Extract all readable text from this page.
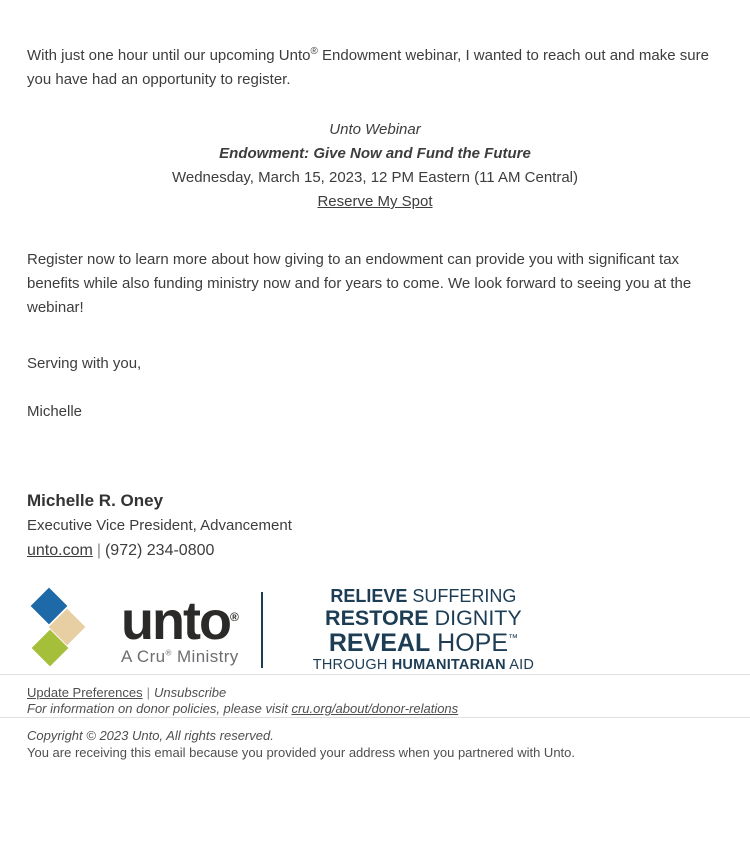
With just one hour until our upcoming Unto® Endowment webinar, I wanted to reach out and make sure you have had an opportunity to register.

Unto Webinar
Endowment: Give Now and Fund the Future
Wednesday, March 15, 2023, 12 PM Eastern (11 AM Central)
Reserve My Spot

Register now to learn more about how giving to an endowment can provide you with significant tax benefits while also funding ministry now and for years to come. We look forward to seeing you at the webinar!

Serving with you,

Michelle

Michelle R. Oney
Executive Vice President, Advancement
unto.com | (972) 234-0800
unto®
A Cru® Ministry
RELIEVE SUFFERING
RESTORE DIGNITY
REVEAL HOPE™
THROUGH HUMANITARIAN AID
Update Preferences | Unsubscribe
For information on donor policies, please visit cru.org/about/donor-relations
Copyright © 2023 Unto, All rights reserved.
You are receiving this email because you provided your address when you partnered with Unto.
